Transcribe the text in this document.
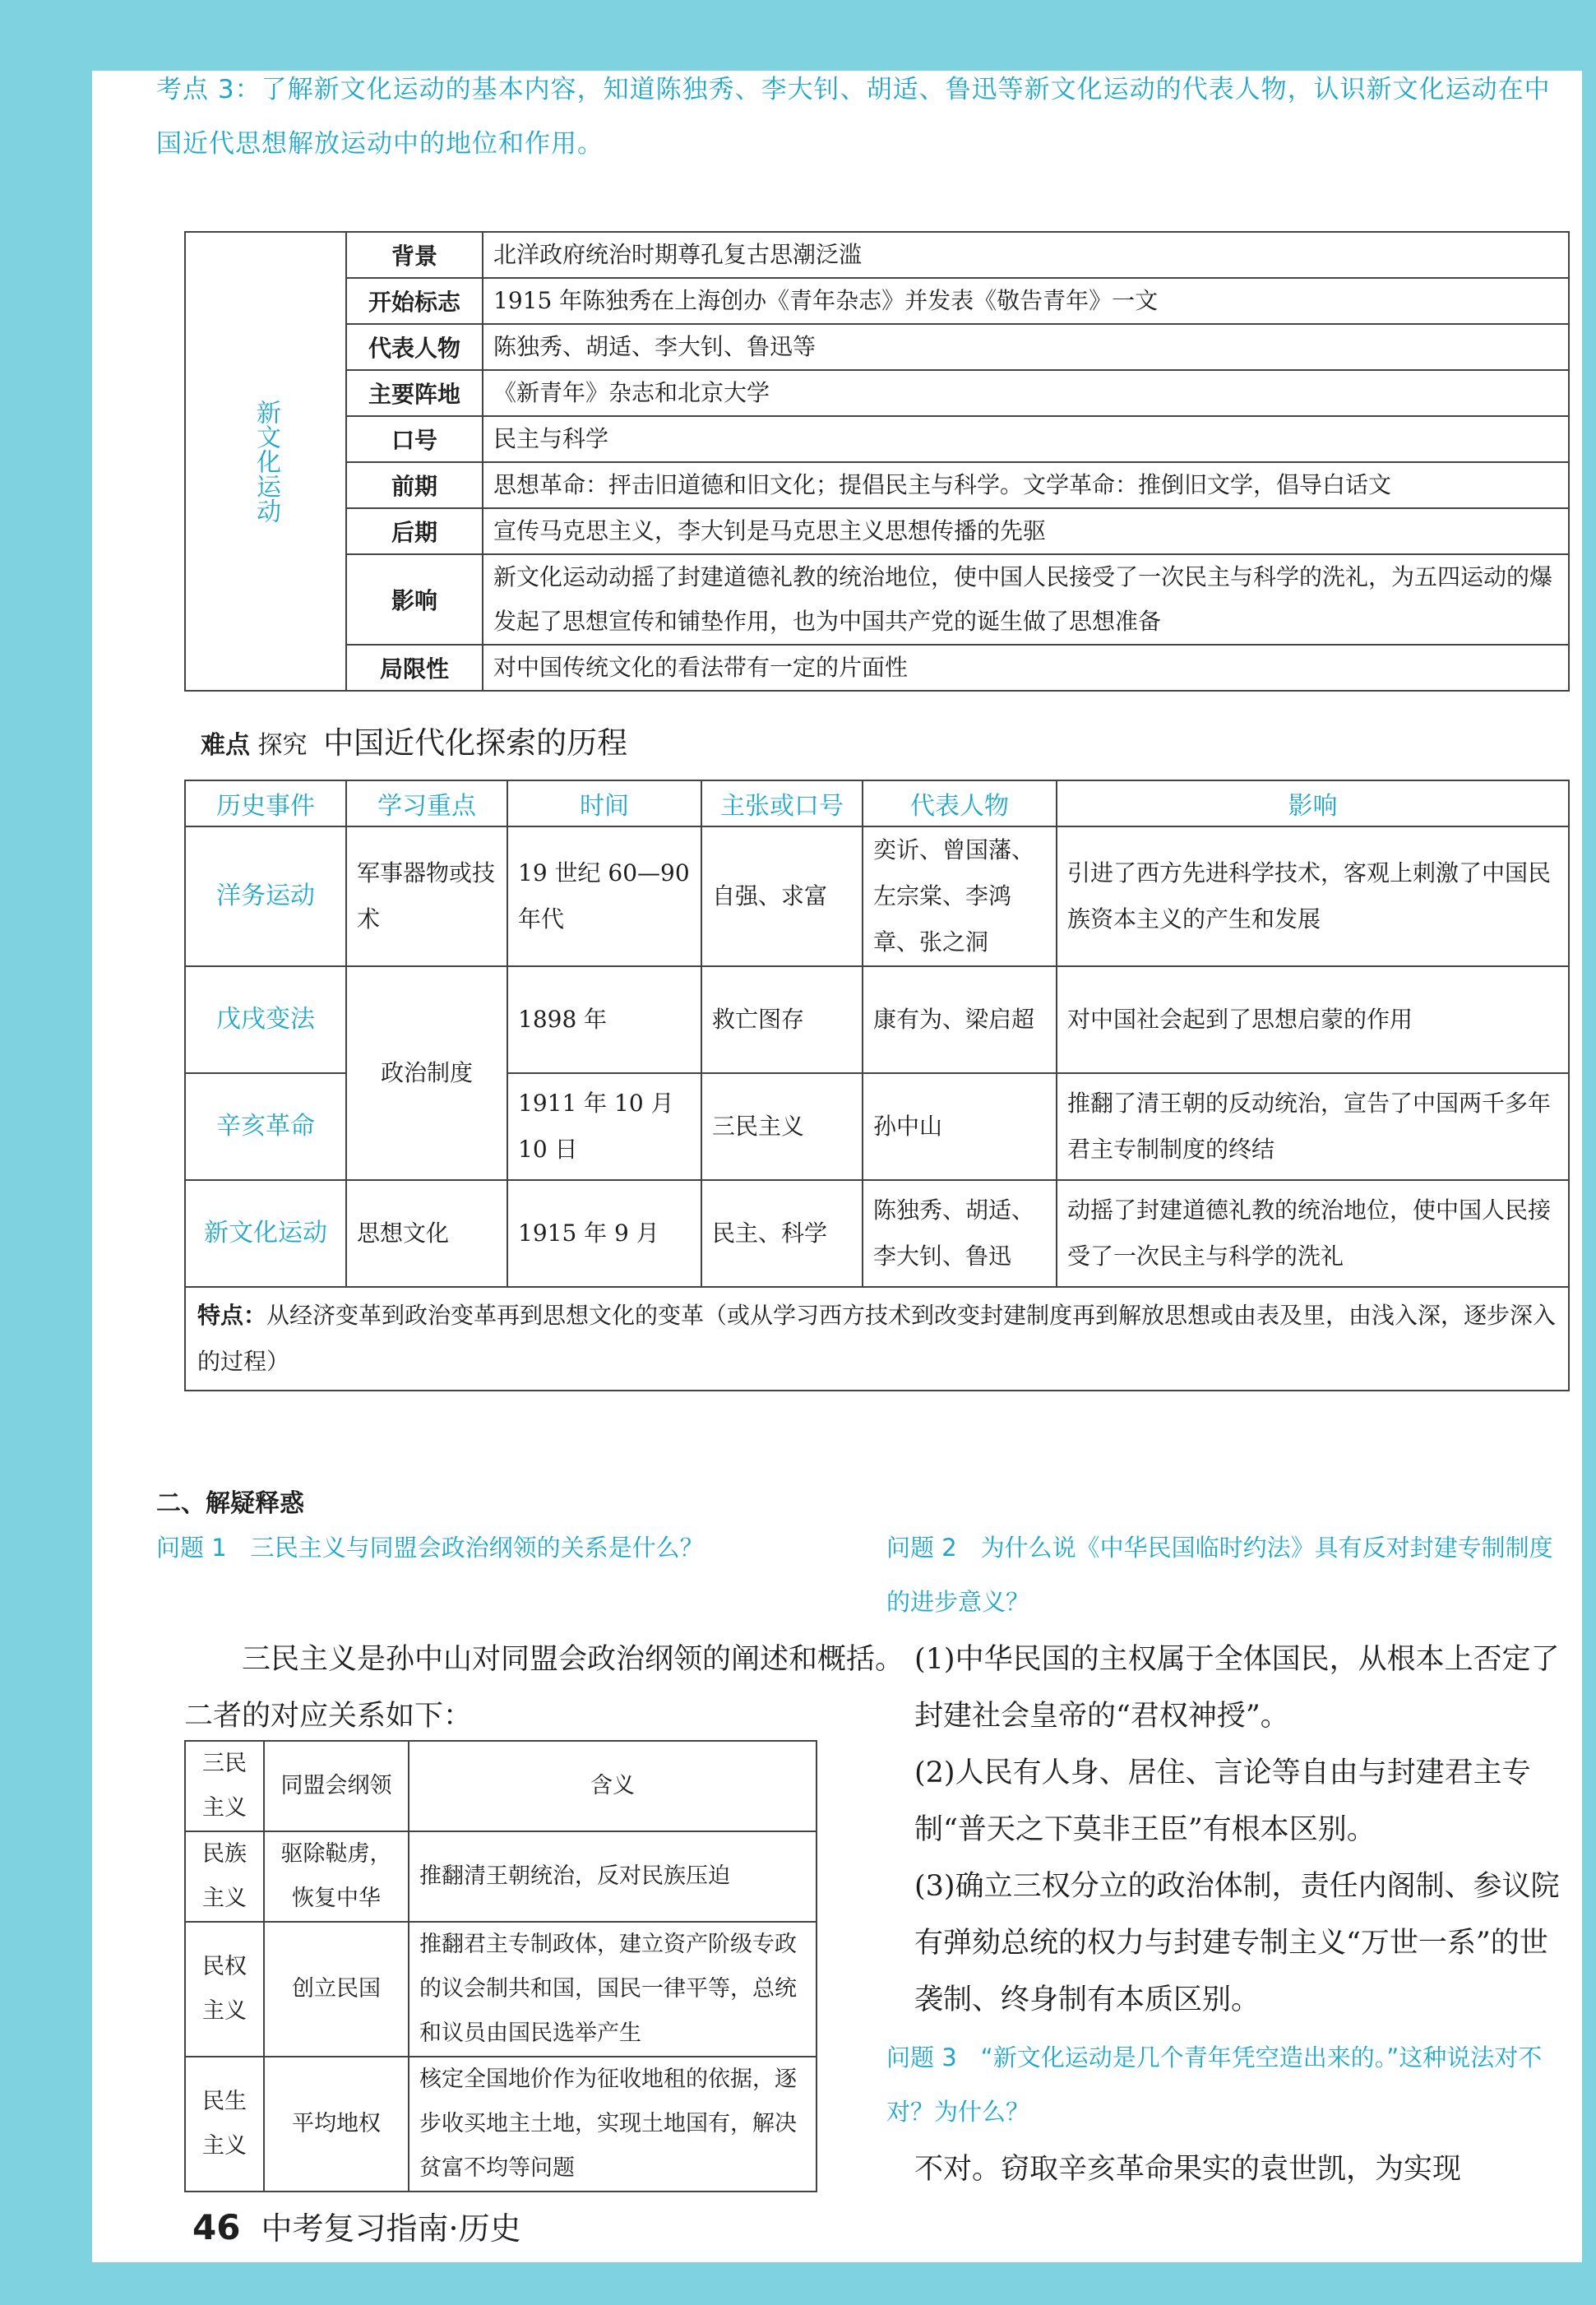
考点 3：了解新文化运动的基本内容，知道陈独秀、李大钊、胡适、鲁迅等新文化运动的代表人物，认识新文化运动在中国近代思想解放运动中的地位和作用。
新文化运动	背景	北洋政府统治时期尊孔复古思潮泛滥
	开始标志	1915 年陈独秀在上海创办《青年杂志》并发表《敬告青年》一文
	代表人物	陈独秀、胡适、李大钊、鲁迅等
	主要阵地	《新青年》杂志和北京大学
	口号	民主与科学
	前期	思想革命：抨击旧道德和旧文化；提倡民主与科学。文学革命：推倒旧文学，倡导白话文
	后期	宣传马克思主义，李大钊是马克思主义思想传播的先驱
	影响	新文化运动动摇了封建道德礼教的统治地位，使中国人民接受了一次民主与科学的洗礼，为五四运动的爆发起了思想宣传和铺垫作用，也为中国共产党的诞生做了思想准备
	局限性	对中国传统文化的看法带有一定的片面性
难点 探究 中国近代化探索的历程
历史事件	学习重点	时间	主张或口号	代表人物	影响
洋务运动	军事器物或技术	19 世纪 60—90 年代	自强、求富	奕䜣、曾国藩、左宗棠、李鸿章、张之洞	引进了西方先进科学技术，客观上刺激了中国民族资本主义的产生和发展
戊戌变法	政治制度	1898 年	救亡图存	康有为、梁启超	对中国社会起到了思想启蒙的作用
辛亥革命		1911 年 10 月 10 日	三民主义	孙中山	推翻了清王朝的反动统治，宣告了中国两千多年君主专制制度的终结
新文化运动	思想文化	1915 年 9 月	民主、科学	陈独秀、胡适、李大钊、鲁迅	动摇了封建道德礼教的统治地位，使中国人民接受了一次民主与科学的洗礼
特点：从经济变革到政治变革再到思想文化的变革（或从学习西方技术到改变封建制度再到解放思想或由表及里，由浅入深，逐步深入的过程）					
二、解疑释惑
问题 1　三民主义与同盟会政治纲领的关系是什么？
三民主义是孙中山对同盟会政治纲领的阐述和概括。二者的对应关系如下：
三民主义	同盟会纲领	含义
民族主义	驱除鞑虏，恢复中华	推翻清王朝统治，反对民族压迫
民权主义	创立民国	推翻君主专制政体，建立资产阶级专政的议会制共和国，国民一律平等，总统和议员由国民选举产生
民生主义	平均地权	核定全国地价作为征收地租的依据，逐步收买地主土地，实现土地国有，解决贫富不均等问题
问题 2　为什么说《中华民国临时约法》具有反对封建专制制度的进步意义？
(1)中华民国的主权属于全体国民，从根本上否定了封建社会皇帝的“君权神授”。
(2)人民有人身、居住、言论等自由与封建君主专制“普天之下莫非王臣”有根本区别。
(3)确立三权分立的政治体制，责任内阁制、参议院有弹劾总统的权力与封建专制主义“万世一系”的世袭制、终身制有本质区别。
问题 3　“新文化运动是几个青年凭空造出来的。”这种说法对不对？为什么？
不对。窃取辛亥革命果实的袁世凯，为实现
46 中考复习指南·历史
